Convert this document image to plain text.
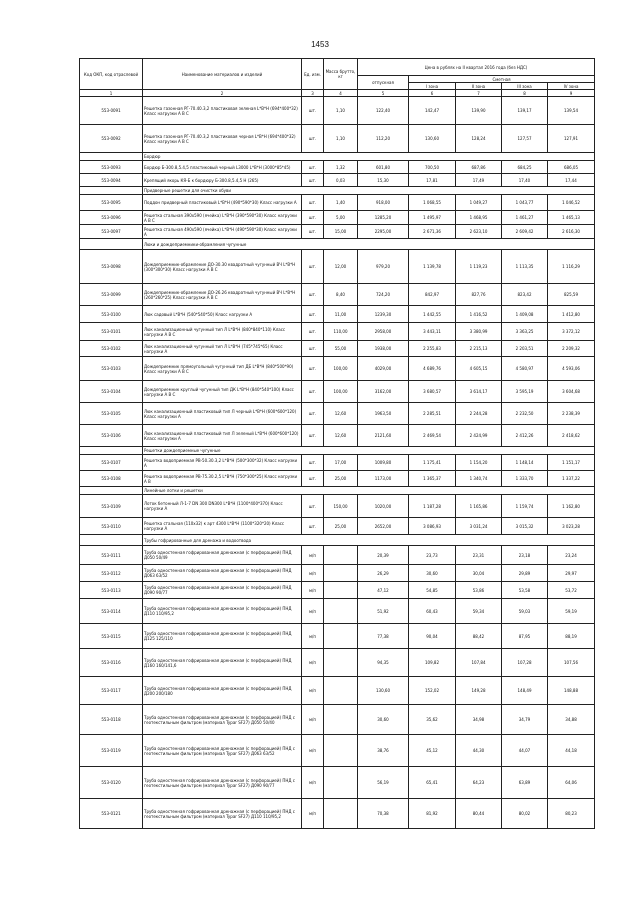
1453
Код ОКП, код отраслевой	Наименование материалов и изделий	Ед. изм.	Масса брутто, кг	Цена в рублях на II квартал 2016 года (без НДС)				
				отпускная	Сметная			
					I зона	II зона	III зона	IV зона
1	2	3	4	5	6	7	8	9
553-0091	Решетка газонная РГ-70.40.3,2 пластиковая зеленая L*B*H (694*400*32) Класс нагрузки А В С	шт.	1,10	122,40	142,47	139,90	139,17	139,54
553-0092	Решетка газонная РГ-70.40.3,2 пластиковая черная L*B*H (694*400*32) Класс нагрузки А В С	шт.	1,10	112,20	130,60	128,24	127,57	127,91
	Бордюр							
553-0093	Бордюр Б-300.8,5.4,5 пластиковый черный L3000 L*B*H (3000*85*45)	шт.	1,32	601,80	700,50	687,86	684,25	686,05
553-0094	Крепящий якорь КЯ-Б к бордюру Б-300.8,5.4,5 Н (265)	шт.	0,03	15,30	17,81	17,49	17,40	17,44
	Придверные решетки для очистки обуви							
553-0095	Поддон придверный пластиковый L*B*H (490*590*30) Класс нагрузки А	шт.	1,40	918,00	1 068,55	1 049,27	1 043,77	1 046,52
553-0096	Решетка стальная 390x590 (ячейка) L*B*H (390*590*30) Класс нагрузки А В С	шт.	5,00	1285,20	1 495,97	1 468,95	1 461,27	1 465,13
553-0097	Решетка стальная 490x590 (ячейка) L*B*H (490*590*30) Класс нагрузки А	шт.	15,00	2295,00	2 671,36	2 623,10	2 609,42	2 616,30
	Люки и дождеприемники-обрамления чугунные							
553-0098	Дождеприемник-обрамление ДО-30.30 квадратный чугунный ВЧ L*B*H (300*300*30) Класс нагрузки А В С	шт.	12,00	979,20	1 139,78	1 119,23	1 113,35	1 116,29
553-0099	Дождеприемник-обрамление ДО-26.26 квадратный чугунный ВЧ L*B*H (260*260*25) Класс нагрузки А В С	шт.	8,40	724,20	842,97	827,76	823,42	825,59
553-0100	Люк садовый L*B*H (540*540*50) Класс нагрузки А	шт.	11,00	1239,30	1 442,55	1 416,52	1 409,08	1 412,80
553-0101	Люк канализационный чугунный тип Л L*B*H (840*840*110) Класс нагрузки А В С	шт.	110,00	2958,00	3 443,11	3 380,99	3 363,25	3 372,12
553-0102	Люк канализационный чугунный тип Л L*B*H (745*745*65) Класс нагрузки А	шт.	55,00	1938,00	2 255,83	2 215,13	2 203,51	2 209,32
553-0103	Дождеприемник прямоугольный чугунный тип ДБ L*B*H (840*500*90) Класс нагрузки А В С	шт.	100,00	4029,00	4 689,76	4 605,15	4 580,97	4 593,06
553-0104	Дождеприемник круглый чугунный тип ДК L*B*H (840*540*100) Класс нагрузки А В С	шт.	100,00	3162,00	3 680,57	3 614,17	3 595,19	3 604,68
553-0105	Люк канализационный пластиковый тип Л черный L*B*H (600*600*120) Класс нагрузки А	шт.	12,60	1963,50	2 285,51	2 244,28	2 232,50	2 238,39
553-0106	Люк канализационный пластиковый тип Л зеленый L*B*H (600*600*120) Класс нагрузки А	шт.	12,60	2121,60	2 469,54	2 424,99	2 412,26	2 418,62
	Решетки дождеприемные чугунные							
553-0107	Решетка водоприемная РВ-50.30.3,2 L*B*H (500*300*32) Класс нагрузки А	шт.	17,00	1009,80	1 175,41	1 154,20	1 148,14	1 151,17
553-0108	Решетка водоприемная РВ-75.30.2,5 L*B*H (750*300*25) Класс нагрузки А В	шт.	25,00	1173,00	1 365,37	1 340,74	1 333,70	1 337,22
	Линейные лотки и решетки							
553-0109	Лоток бетонный Л-1-7 DN 300 DN300 L*B*H (1100*400*370) Класс нагрузки А	шт.	150,00	1020,00	1 187,28	1 165,86	1 159,74	1 162,80
553-0110	Решетка стальная (110x32) к арт 4300 L*B*H (1100*320*20) Класс нагрузки А	шт.	25,00	2652,00	3 086,93	3 031,24	3 015,32	3 023,28
	Трубы гофрированные для дренажа и водоотвода							
553-0111	Труба одностенная гофрированная дренажная (с перфорацией) ПНД Д050 50/49	м/п		20,39	23,73	23,31	23,18	23,24
553-0112	Труба одностенная гофрированная дренажная (с перфорацией) ПНД Д063 63/52	м/п		26,29	30,60	30,04	29,89	29,97
553-0113	Труба одностенная гофрированная дренажная (с перфорацией) ПНД Д090 90/77	м/п		47,12	54,85	53,86	53,58	53,72
553-0114	Труба одностенная гофрированная дренажная (с перфорацией) ПНД Д110 110/95,2	м/п		51,92	60,43	59,34	59,03	59,19
553-0115	Труба одностенная гофрированная дренажная (с перфорацией) ПНД Д125 125/110	м/п		77,38	90,04	88,42	87,95	88,19
553-0116	Труба одностенная гофрированная дренажная (с перфорацией) ПНД Д160 160/141,6	м/п		94,35	109,82	107,84	107,28	107,56
553-0117	Труба одностенная гофрированная дренажная (с перфорацией) ПНД Д200 200/180	м/п		130,60	152,02	149,28	148,49	148,88
553-0118	Труба одностенная гофрированная дренажная (с перфорацией) ПНД с геотекстильным фильтром (материал Typar SF27) Д050 50/40	м/п		30,60	35,62	34,98	34,79	34,88
553-0119	Труба одностенная гофрированная дренажная (с перфорацией) ПНД с геотекстильным фильтром (материал Typar SF27) Д063 63/52	м/п		38,76	45,12	44,30	44,07	44,18
553-0120	Труба одностенная гофрированная дренажная (с перфорацией) ПНД с геотекстильным фильтром (материал Typar SF27) Д090 90/77	м/п		56,19	65,41	64,23	63,89	64,06
553-0121	Труба одностенная гофрированная дренажная (с перфорацией) ПНД с геотекстильным фильтром (материал Typar SF27) Д110 110/95,2	м/п		70,38	81,92	80,44	80,02	80,23
